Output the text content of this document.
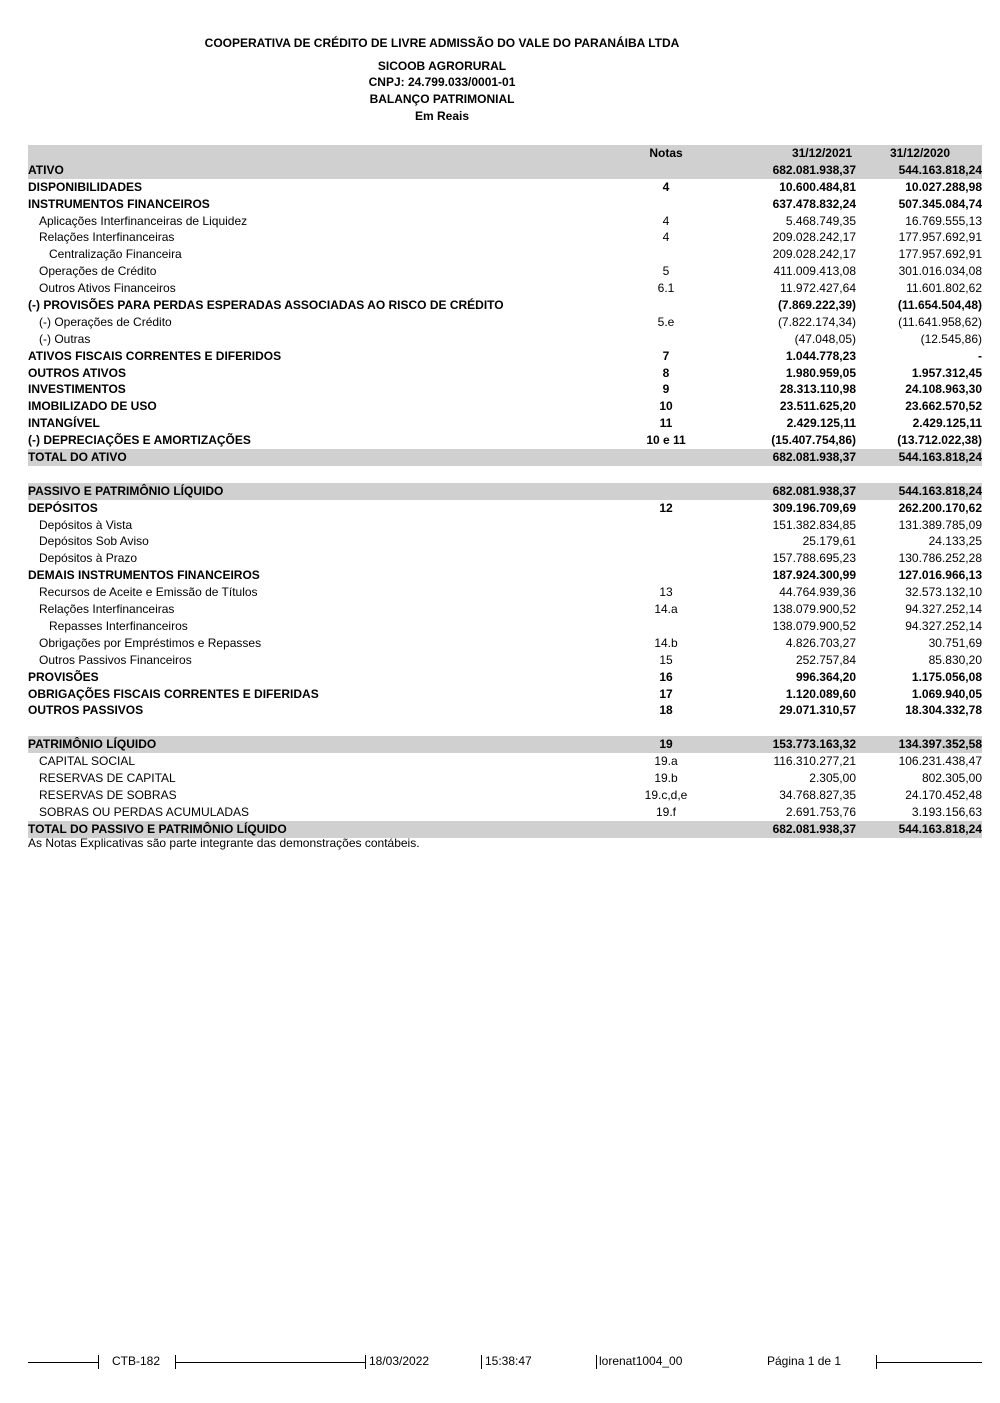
COOPERATIVA DE CRÉDITO DE LIVRE ADMISSÃO DO VALE DO PARANÁIBA LTDA
SICOOB AGRORURAL
CNPJ: 24.799.033/0001-01
BALANÇO PATRIMONIAL
Em Reais
Notas	31/12/2021	31/12/2020
ATIVO	682.081.938,37	544.163.818,24
DISPONIBILIDADES	4	10.600.484,81	10.027.288,98
INSTRUMENTOS FINANCEIROS	637.478.832,24	507.345.084,74
Aplicações Interfinanceiras de Liquidez	4	5.468.749,35	16.769.555,13
Relações Interfinanceiras	4	209.028.242,17	177.957.692,91
Centralização Financeira	209.028.242,17	177.957.692,91
Operações de Crédito	5	411.009.413,08	301.016.034,08
Outros Ativos Financeiros	6.1	11.972.427,64	11.601.802,62
(-) PROVISÕES PARA PERDAS ESPERADAS ASSOCIADAS AO RISCO DE CRÉDITO	(7.869.222,39)	(11.654.504,48)
(-) Operações de Crédito	5.e	(7.822.174,34)	(11.641.958,62)
(-) Outras	(47.048,05)	(12.545,86)
ATIVOS FISCAIS CORRENTES E DIFERIDOS	7	1.044.778,23	-
OUTROS ATIVOS	8	1.980.959,05	1.957.312,45
INVESTIMENTOS	9	28.313.110,98	24.108.963,30
IMOBILIZADO DE USO	10	23.511.625,20	23.662.570,52
INTANGÍVEL	11	2.429.125,11	2.429.125,11
(-) DEPRECIAÇÕES E AMORTIZAÇÕES	10 e 11	(15.407.754,86)	(13.712.022,38)
TOTAL DO ATIVO	682.081.938,37	544.163.818,24
PASSIVO E PATRIMÔNIO LÍQUIDO	682.081.938,37	544.163.818,24
DEPÓSITOS	12	309.196.709,69	262.200.170,62
Depósitos à Vista	151.382.834,85	131.389.785,09
Depósitos Sob Aviso	25.179,61	24.133,25
Depósitos à Prazo	157.788.695,23	130.786.252,28
DEMAIS INSTRUMENTOS FINANCEIROS	187.924.300,99	127.016.966,13
Recursos de Aceite e Emissão de Títulos	13	44.764.939,36	32.573.132,10
Relações Interfinanceiras	14.a	138.079.900,52	94.327.252,14
Repasses Interfinanceiros	138.079.900,52	94.327.252,14
Obrigações por Empréstimos e Repasses	14.b	4.826.703,27	30.751,69
Outros Passivos Financeiros	15	252.757,84	85.830,20
PROVISÕES	16	996.364,20	1.175.056,08
OBRIGAÇÕES FISCAIS CORRENTES E DIFERIDAS	17	1.120.089,60	1.069.940,05
OUTROS PASSIVOS	18	29.071.310,57	18.304.332,78
PATRIMÔNIO LÍQUIDO	19	153.773.163,32	134.397.352,58
CAPITAL SOCIAL	19.a	116.310.277,21	106.231.438,47
RESERVAS DE CAPITAL	19.b	2.305,00	802.305,00
RESERVAS DE SOBRAS	19.c,d,e	34.768.827,35	24.170.452,48
SOBRAS OU PERDAS ACUMULADAS	19.f	2.691.753,76	3.193.156,63
TOTAL DO PASSIVO E PATRIMÔNIO LÍQUIDO	682.081.938,37	544.163.818,24
As Notas Explicativas são parte integrante das demonstrações contábeis.
CTB-182	18/03/2022	15:38:47	lorenat1004_00	Página 1 de 1
